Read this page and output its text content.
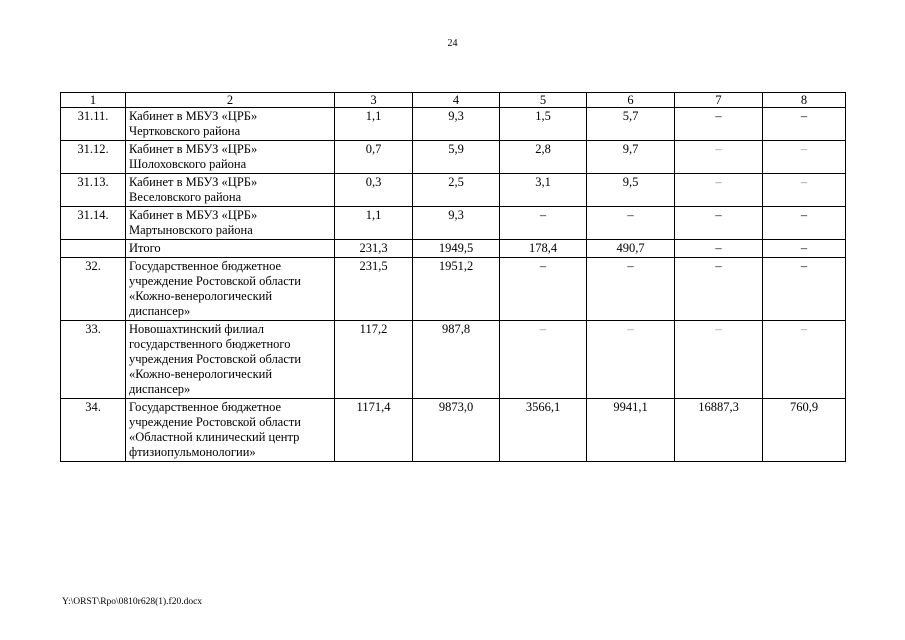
24
1	2	3	4	5	6	7	8
31.11.	Кабинет в МБУЗ «ЦРБ» Чертковского района	1,1	9,3	1,5	5,7	–	–
31.12.	Кабинет в МБУЗ «ЦРБ» Шолоховского района	0,7	5,9	2,8	9,7	–	–
31.13.	Кабинет в МБУЗ «ЦРБ» Веселовского района	0,3	2,5	3,1	9,5	–	–
31.14.	Кабинет в МБУЗ «ЦРБ» Мартыновского района	1,1	9,3	–	–	–	–
	Итого	231,3	1949,5	178,4	490,7	–	–
32.	Государственное бюджетное учреждение Ростовской области «Кожно-венерологический диспансер»	231,5	1951,2	–	–	–	–
33.	Новошахтинский филиал государственного бюджетного учреждения Ростовской области «Кожно-венерологический диспансер»	117,2	987,8	–	–	–	–
34.	Государственное бюджетное учреждение Ростовской области «Областной клинический центр фтизиопульмонологии»	1171,4	9873,0	3566,1	9941,1	16887,3	760,9
Y:\ORST\Rpo\0810r628(1).f20.docx
